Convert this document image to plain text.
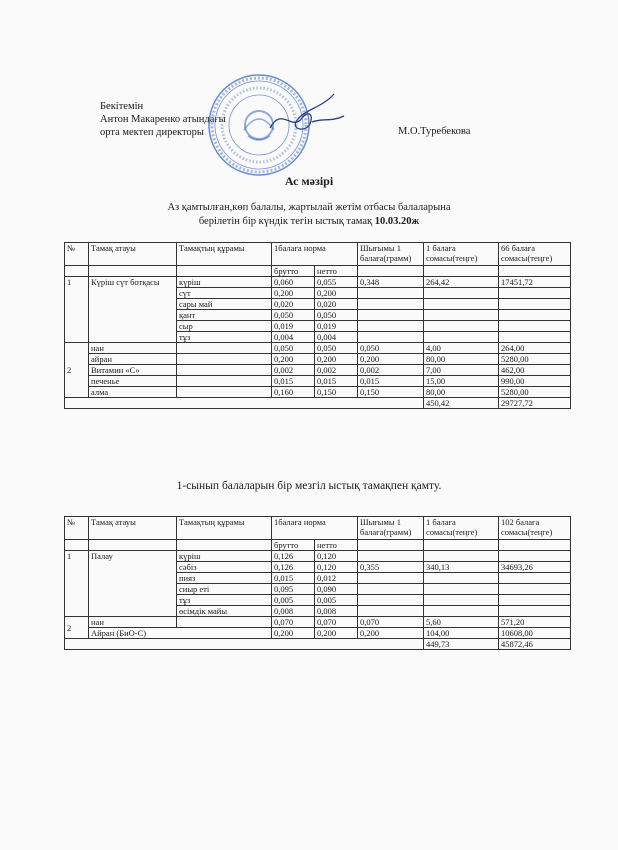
Бекітемін
Антон Макаренко атындағы
орта мектеп директоры	М.О.Туребекова
Ас мәзірі
Аз қамтылған,көп балалы, жартылай жетім отбасы балаларына
берілетін бір күндік тегін ыстық тамақ 10.03.20ж
№	Тамақ атауы	Тамақтың құрамы	1балаға норма		Шығымы 1 балаға(грамм)	1 балаға сомасы(теңге)	66 балаға сомасы(теңге)
			брутто	нетто			
1	Күріш сүт ботқасы	күріш	0,060	0,055	0,348	264,42	17451,72
		сүт	0,200	0,200			
		сары май	0,020	0,020			
		қант	0,050	0,050			
		сыр	0,019	0,019			
		тұз	0,004	0,004			
2	нан		0,050	0,050	0,050	4,00	264,00
	айран		0,200	0,200	0,200	80,00	5280,00
	Витамин «С»		0,002	0,002	0,002	7,00	462,00
	печенье		0,015	0,015	0,015	15,00	990,00
	алма		0,160	0,150	0,150	80,00	5280,00
						450,42	29727,72
1-сынып балаларын бір мезгіл ыстық тамақпен қамту.
№	Тамақ атауы	Тамақтың құрамы	1балаға норма		Шығымы 1 балаға(грамм)	1 балаға сомасы(теңге)	102 балаға сомасы(теңге)
			брутто	нетто			
1	Палау	күріш	0,126	0,120			
		сәбіз	0,126	0,120	0,355	340,13	34693,26
		пияз	0,015	0,012			
		сиыр еті	0,095	0,090			
		тұз	0,005	0,005			
		өсімдік майы	0,008	0,008			
2	нан		0,070	0,070	0,070	5,60	571,20
	Айран (БиО-С)		0,200	0,200	0,200	104,00	10608,00
						449,73	45872,46
